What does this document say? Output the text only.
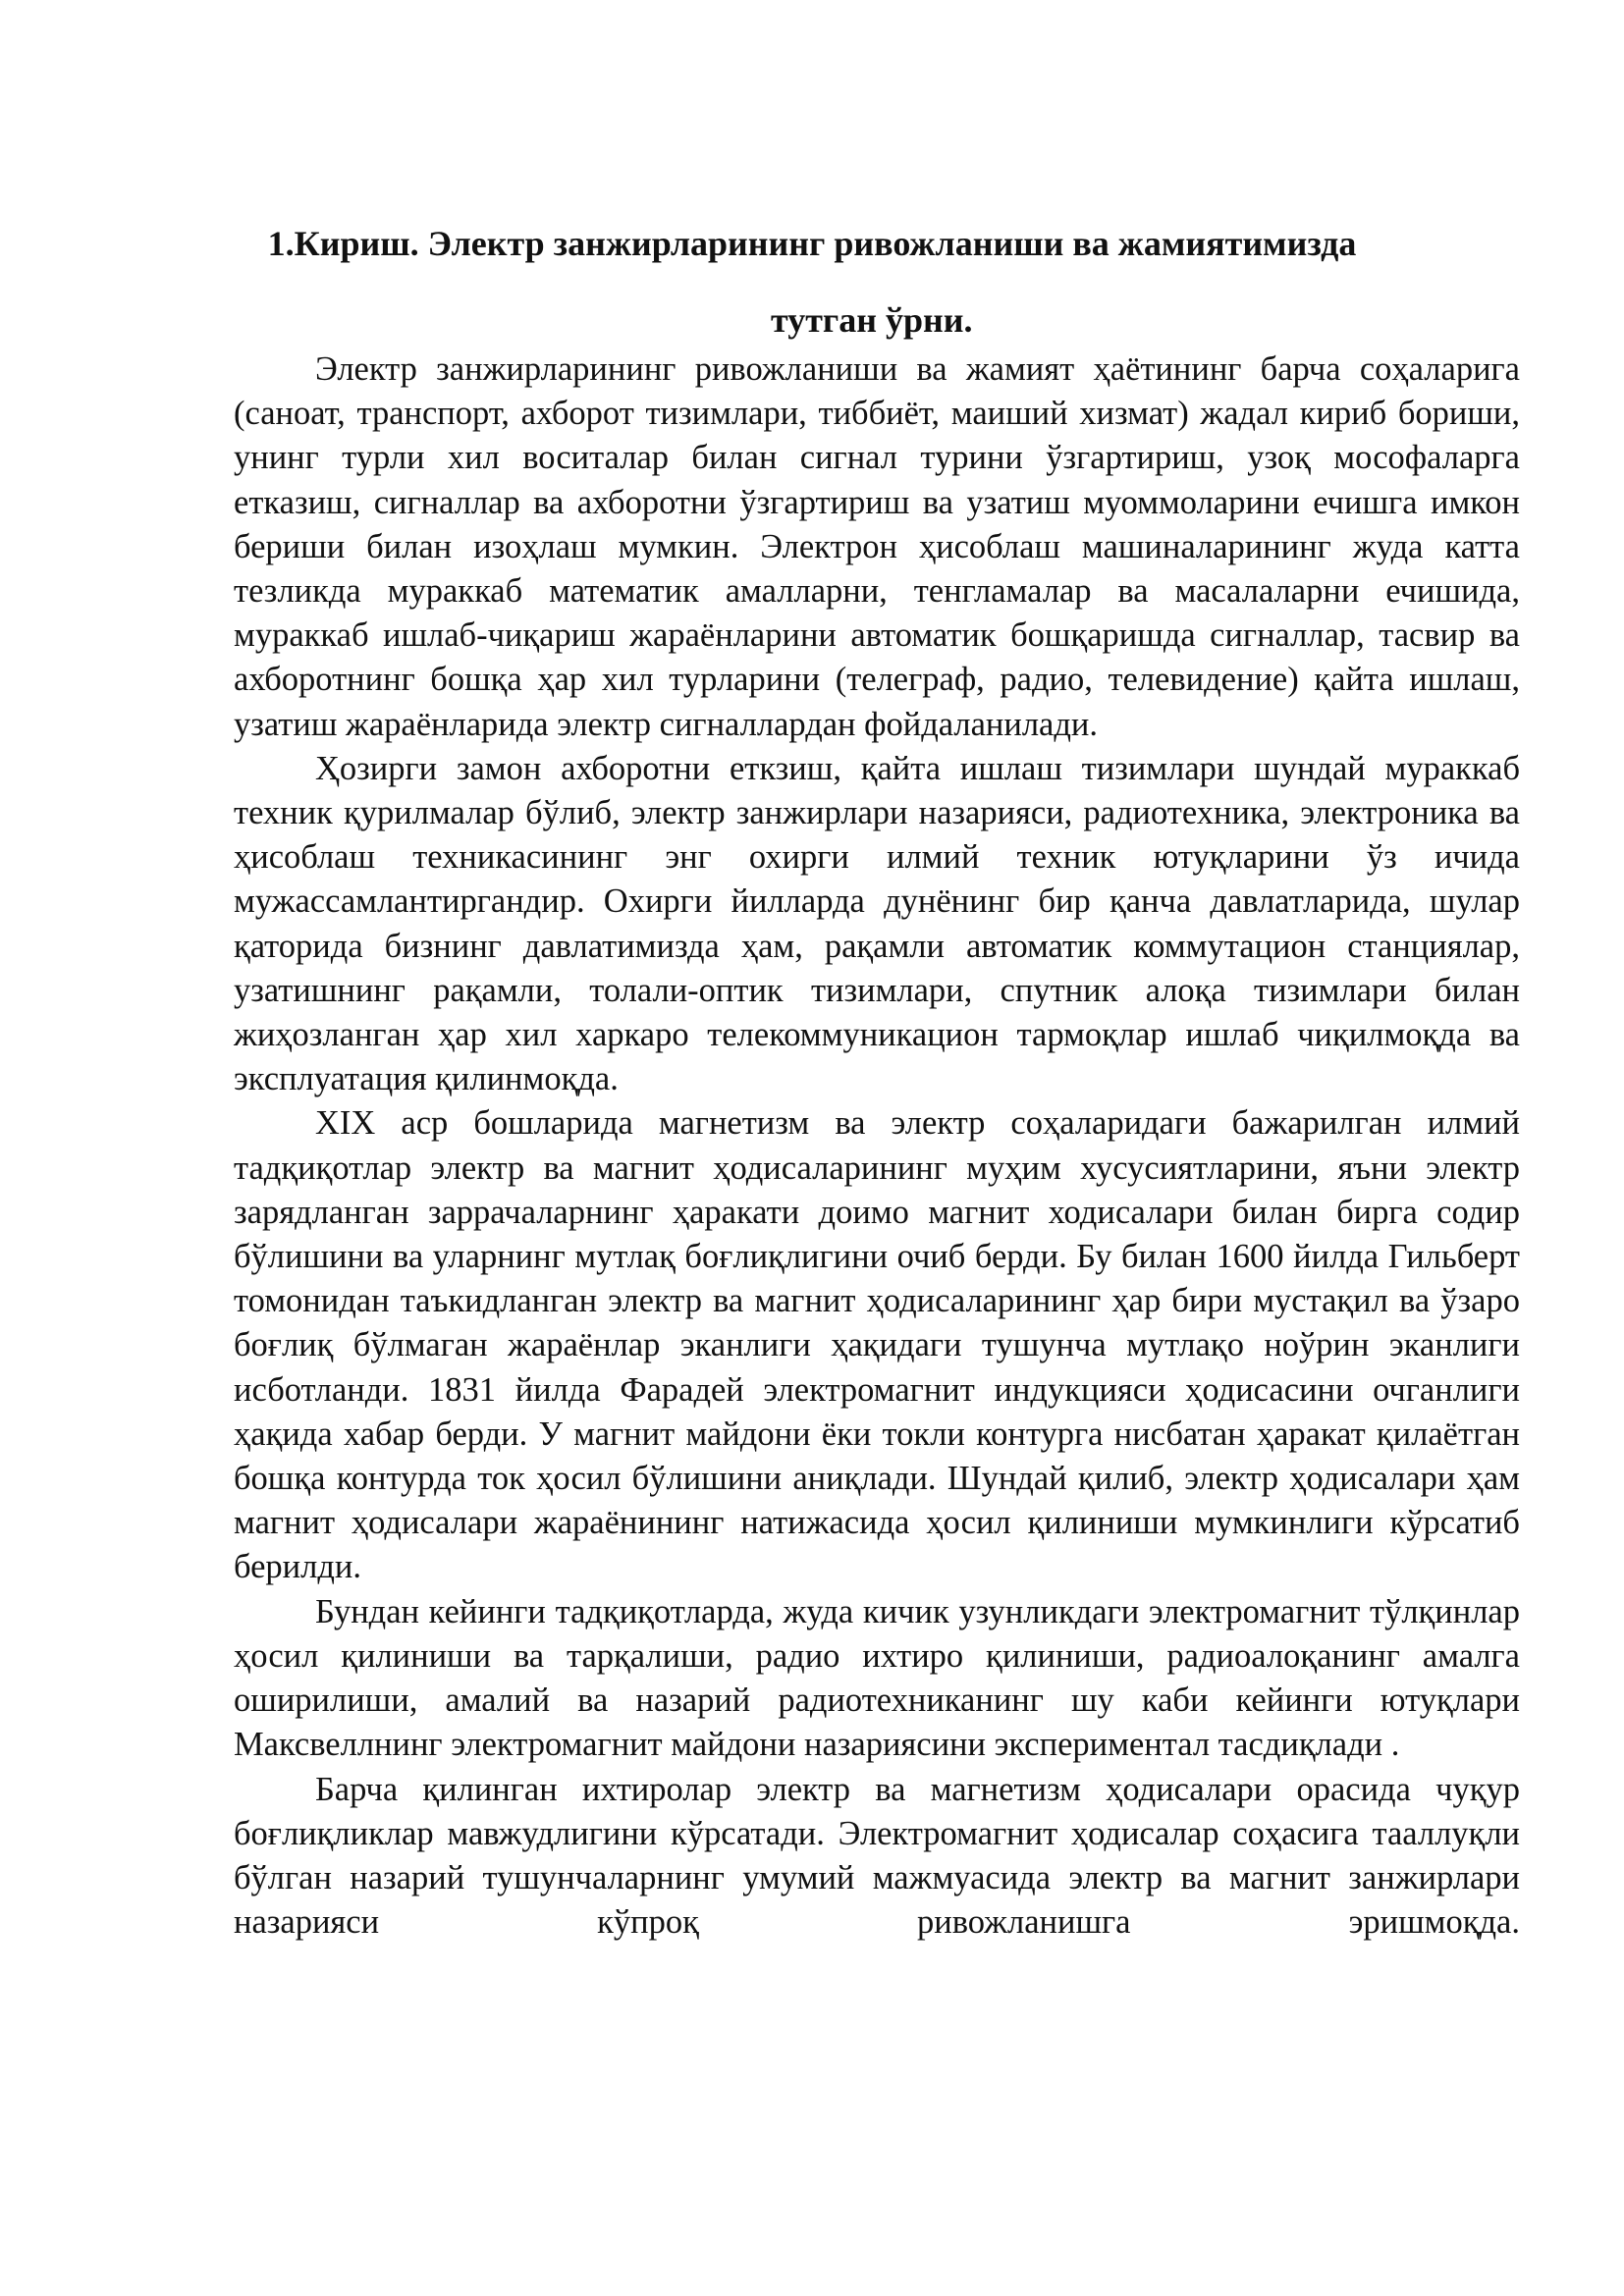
1.Кириш. Электр занжирларининг ривожланиши ва жамиятимизда
тутган ўрни.

Электр занжирларининг ривожланиши ва жамият ҳаётининг барча соҳаларига (саноат, транспорт, ахборот тизимлари, тиббиёт, маиший хизмат) жадал кириб бориши, унинг турли хил воситалар билан сигнал турини ўзгартириш, узоқ мософаларга етказиш, сигналлар ва ахборотни ўзгартириш ва узатиш муоммоларини ечишга имкон бериши билан изоҳлаш мумкин. Электрон ҳисоблаш машиналарининг жуда катта тезликда мураккаб математик амалларни, тенгламалар ва масалаларни ечишида, мураккаб ишлаб-чиқариш жараёнларини автоматик бошқаришда сигналлар, тасвир ва ахборотнинг бошқа ҳар хил турларини (телеграф, радио, телевидение) қайта ишлаш, узатиш жараёнларида электр сигналлардан фойдаланилади.

Ҳозирги замон ахборотни еткзиш, қайта ишлаш тизимлари шундай мураккаб техник қурилмалар бўлиб, электр занжирлари назарияси, радиотехника, электроника ва ҳисоблаш техникасининг энг охирги илмий техник ютуқларини ўз ичида мужассамлантиргандир. Охирги йилларда дунёнинг бир қанча давлатларида, шулар қаторида бизнинг давлатимизда ҳам, рақамли автоматик коммутацион станциялар, узатишнинг рақамли, толали-оптик тизимлари, спутник алоқа тизимлари билан жиҳозланган ҳар хил харкаро телекоммуникацион тармоқлар ишлаб чиқилмоқда ва эксплуатация қилинмоқда.

XIX аср бошларида магнетизм ва электр соҳаларидаги бажарилган илмий тадқиқотлар электр ва магнит ҳодисаларининг муҳим хусусиятларини, яъни электр зарядланган заррачаларнинг ҳаракати доимо магнит ходисалари билан бирга содир бўлишини ва уларнинг мутлақ боғлиқлигини очиб берди. Бу билан 1600 йилда Гильберт томонидан таъкидланган электр ва магнит ҳодисаларининг ҳар бири мустақил ва ўзаро боғлиқ бўлмаган жараёнлар эканлиги ҳақидаги тушунча мутлақо ноўрин эканлиги исботланди. 1831 йилда Фарадей электромагнит индукцияси ҳодисасини очганлиги ҳақида хабар берди. У магнит майдони ёки токли контурга нисбатан ҳаракат қилаётган бошқа контурда ток ҳосил бўлишини аниқлади. Шундай қилиб, электр ҳодисалари ҳам магнит ҳодисалари жараёнининг натижасида ҳосил қилиниши мумкинлиги кўрсатиб берилди.

Бундан кейинги тадқиқотларда, жуда кичик узунликдаги электромагнит тўлқинлар ҳосил қилиниши ва тарқалиши, радио ихтиро қилиниши, радиоалоқанинг амалга оширилиши, амалий ва назарий радиотехниканинг шу каби кейинги ютуқлари Максвеллнинг электромагнит майдони назариясини экспериментал тасдиқлади .

Барча қилинган ихтиролар электр ва магнетизм ҳодисалари орасида чуқур боғлиқликлар мавжудлигини кўрсатади. Электромагнит ҳодисалар соҳасига тааллуқли бўлган назарий тушунчаларнинг умумий мажмуасида электр ва магнит занжирлари назарияси кўпроқ ривожланишга эришмоқда.
